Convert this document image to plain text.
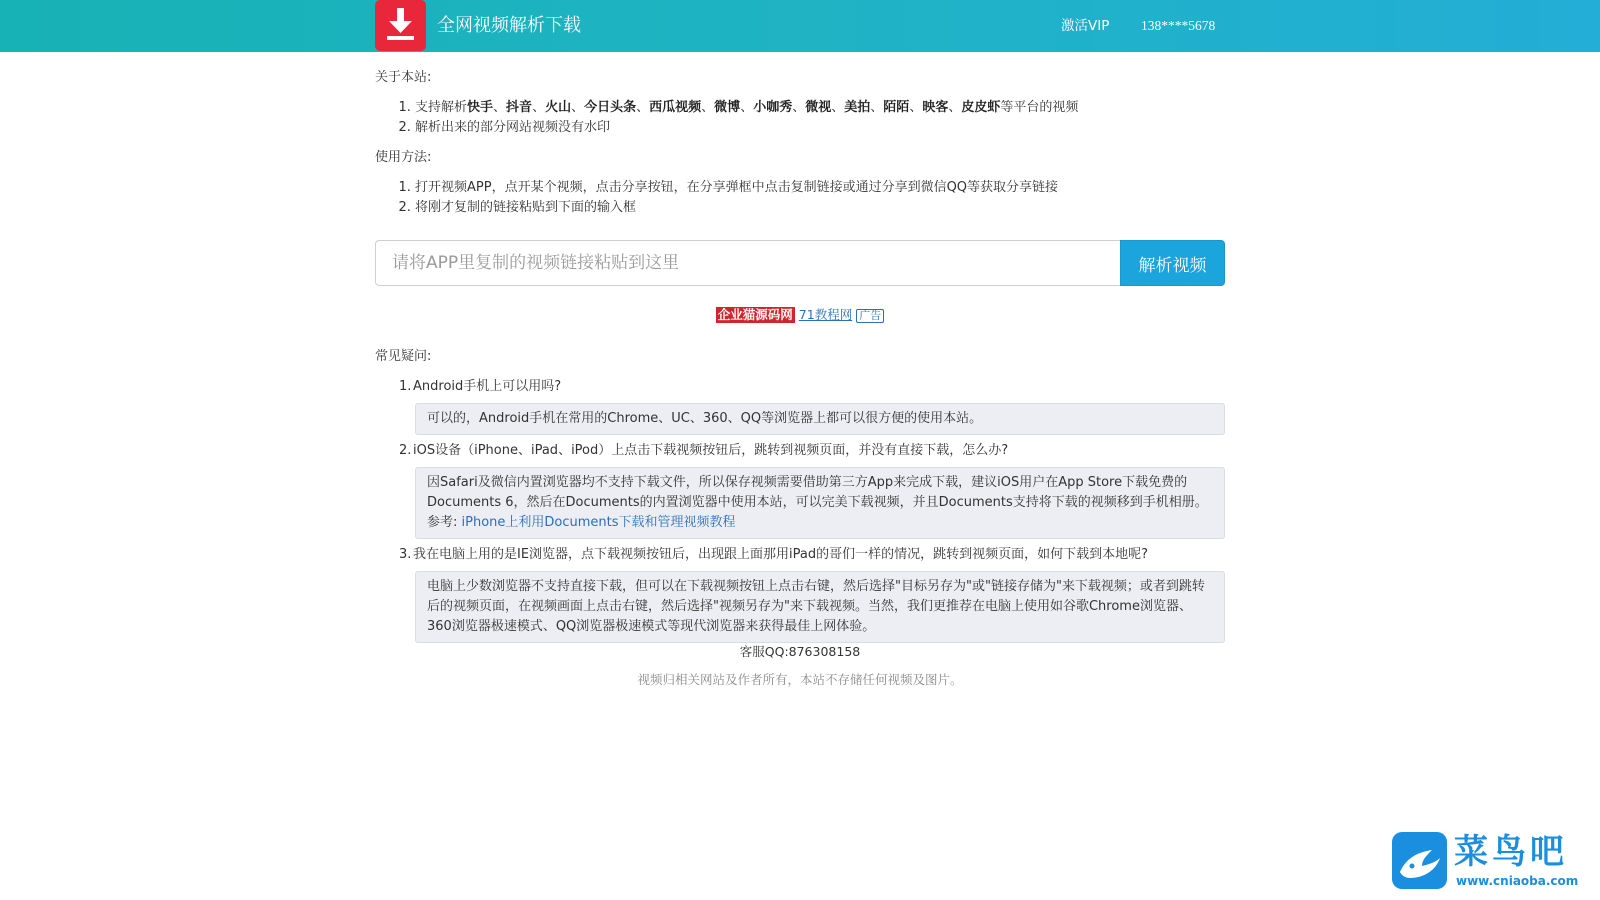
全网视频解析下载	激活VIP 138****5678
关于本站:
1. 支持解析快手、抖音、火山、今日头条、西瓜视频、微博、小咖秀、微视、美拍、陌陌、映客、皮皮虾等平台的视频
2. 解析出来的部分网站视频没有水印
使用方法:
1. 打开视频APP，点开某个视频，点击分享按钮，在分享弹框中点击复制链接或通过分享到微信QQ等获取分享链接
2. 将刚才复制的链接粘贴到下面的输入框
请将APP里复制的视频链接粘贴到这里
解析视频
企业猫源码网 71教程网 广告
常见疑问:
1. Android手机上可以用吗?
可以的，Android手机在常用的Chrome、UC、360、QQ等浏览器上都可以很方便的使用本站。
2. iOS设备（iPhone、iPad、iPod）上点击下载视频按钮后，跳转到视频页面，并没有直接下载，怎么办?
因Safari及微信内置浏览器均不支持下载文件，所以保存视频需要借助第三方App来完成下载，建议iOS用户在App Store下载免费的Documents 6，然后在Documents的内置浏览器中使用本站，可以完美下载视频，并且Documents支持将下载的视频移到手机相册。参考: iPhone上利用Documents下载和管理视频教程
3. 我在电脑上用的是IE浏览器，点下载视频按钮后，出现跟上面那用iPad的哥们一样的情况，跳转到视频页面，如何下载到本地呢?
电脑上少数浏览器不支持直接下载，但可以在下载视频按钮上点击右键，然后选择"目标另存为"或"链接存储为"来下载视频；或者到跳转后的视频页面，在视频画面上点击右键，然后选择"视频另存为"来下载视频。当然，我们更推荐在电脑上使用如谷歌Chrome浏览器、360浏览器极速模式、QQ浏览器极速模式等现代浏览器来获得最佳上网体验。
客服QQ:876308158
视频归相关网站及作者所有，本站不存储任何视频及图片。
菜鸟吧
www.cniaoba.com
